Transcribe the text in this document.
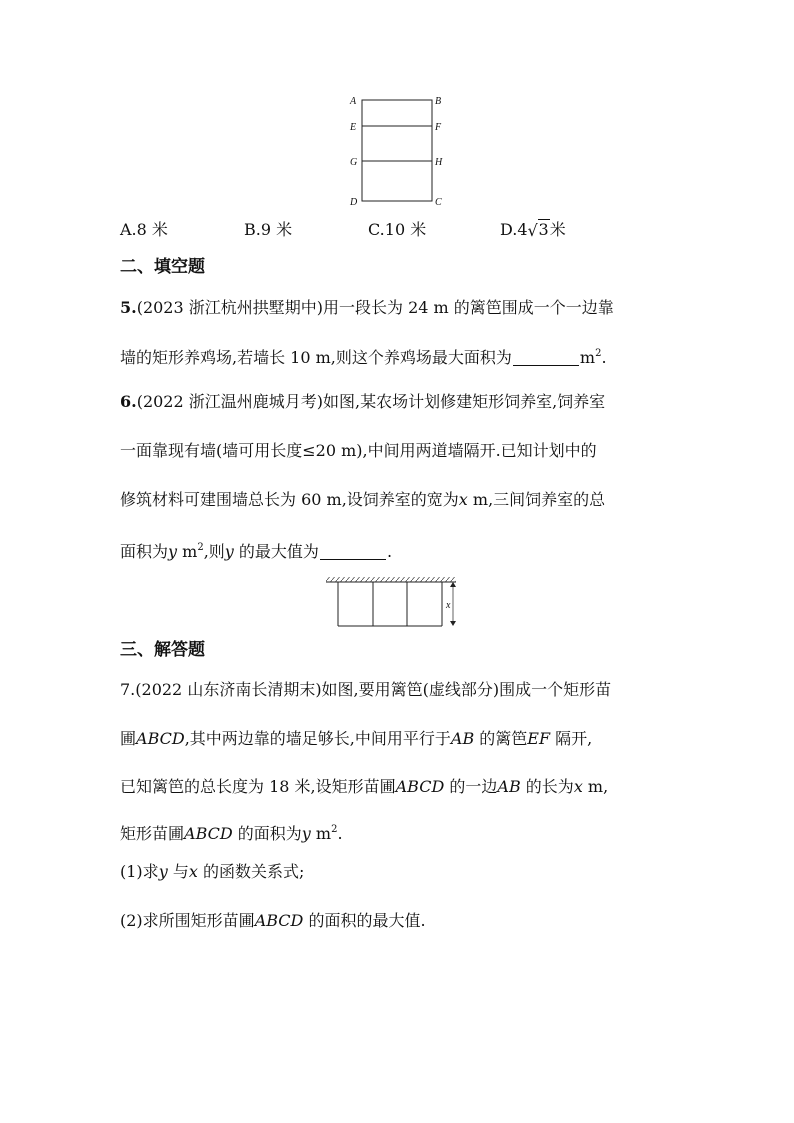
A	B
E	F
G	H
D	C
A.8 米	B.9 米	C.10 米	D.4 √ 3米
二、填空题
5.(2023 浙江杭州拱墅期中)用一段长为 24 m 的篱笆围成一个一边靠
墙的矩形养鸡场,若墙长 10 m,则这个养鸡场最大面积为	$m^2$.
6.(2022 浙江温州鹿城月考)如图,某农场计划修建矩形饲养室,饲养室
一面靠现有墙(墙可用长度≤20 m),中间用两道墙隔开.已知计划中的
修筑材料可建围墙总长为 60 m,设饲养室的宽为x m,三间饲养室的总
面积为y $m^2$,则y 的最大值为	.
x
三、解答题
7.(2022 山东济南长清期末)如图,要用篱笆(虚线部分)围成一个矩形苗
圃ABCD,其中两边靠的墙足够长,中间用平行于AB 的篱笆EF 隔开,
已知篱笆的总长度为 18 米,设矩形苗圃ABCD 的一边AB 的长为x m,
矩形苗圃ABCD 的面积为y $m^2$.
(1)求y 与x 的函数关系式;
(2)求所围矩形苗圃ABCD 的面积的最大值.
